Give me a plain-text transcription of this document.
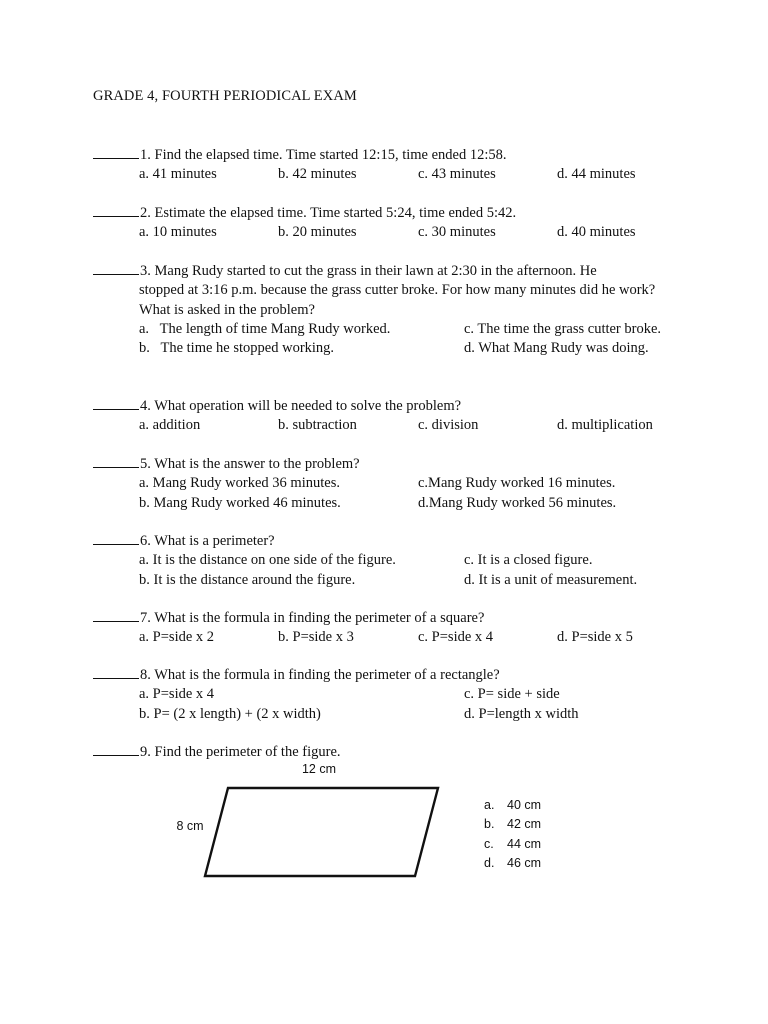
GRADE 4, FOURTH PERIODICAL EXAM
1. Find the elapsed time. Time started 12:15, time ended 12:58.
a. 41 minutes	b. 42 minutes	c. 43 minutes	d. 44 minutes
2. Estimate the elapsed time. Time started 5:24, time ended 5:42.
a. 10 minutes	b. 20 minutes	c. 30 minutes	d. 40 minutes
3. Mang Rudy started to cut the grass in their lawn at 2:30 in the afternoon. He
stopped at 3:16 p.m. because the grass cutter broke. For how many minutes did he work?
What is asked in the problem?
a.   The length of time Mang Rudy worked.	c. The time the grass cutter broke.
b.   The time he stopped working.	d. What Mang Rudy was doing.
4. What operation will be needed to solve the problem?
a. addition	b. subtraction	c. division	d. multiplication
5. What is the answer to the problem?
a. Mang Rudy worked 36 minutes.	c.Mang Rudy worked 16 minutes.
b. Mang Rudy worked 46 minutes.	d.Mang Rudy worked 56 minutes.
6. What is a perimeter?
a. It is the distance on one side of the figure.	c. It is a closed figure.
b. It is the distance around the figure.	d. It is a unit of measurement.
7. What is the formula in finding the perimeter of a square?
a. P=side x 2	b. P=side x 3	c. P=side x 4	d. P=side x 5
8. What is the formula in finding the perimeter of a rectangle?
a. P=side x 4	c. P= side + side
b. P= (2 x length) + (2 x width)	d. P=length x width
9. Find the perimeter of the figure.
12 cm
8 cm
a. 40 cm
b. 42 cm
c. 44 cm
d. 46 cm
